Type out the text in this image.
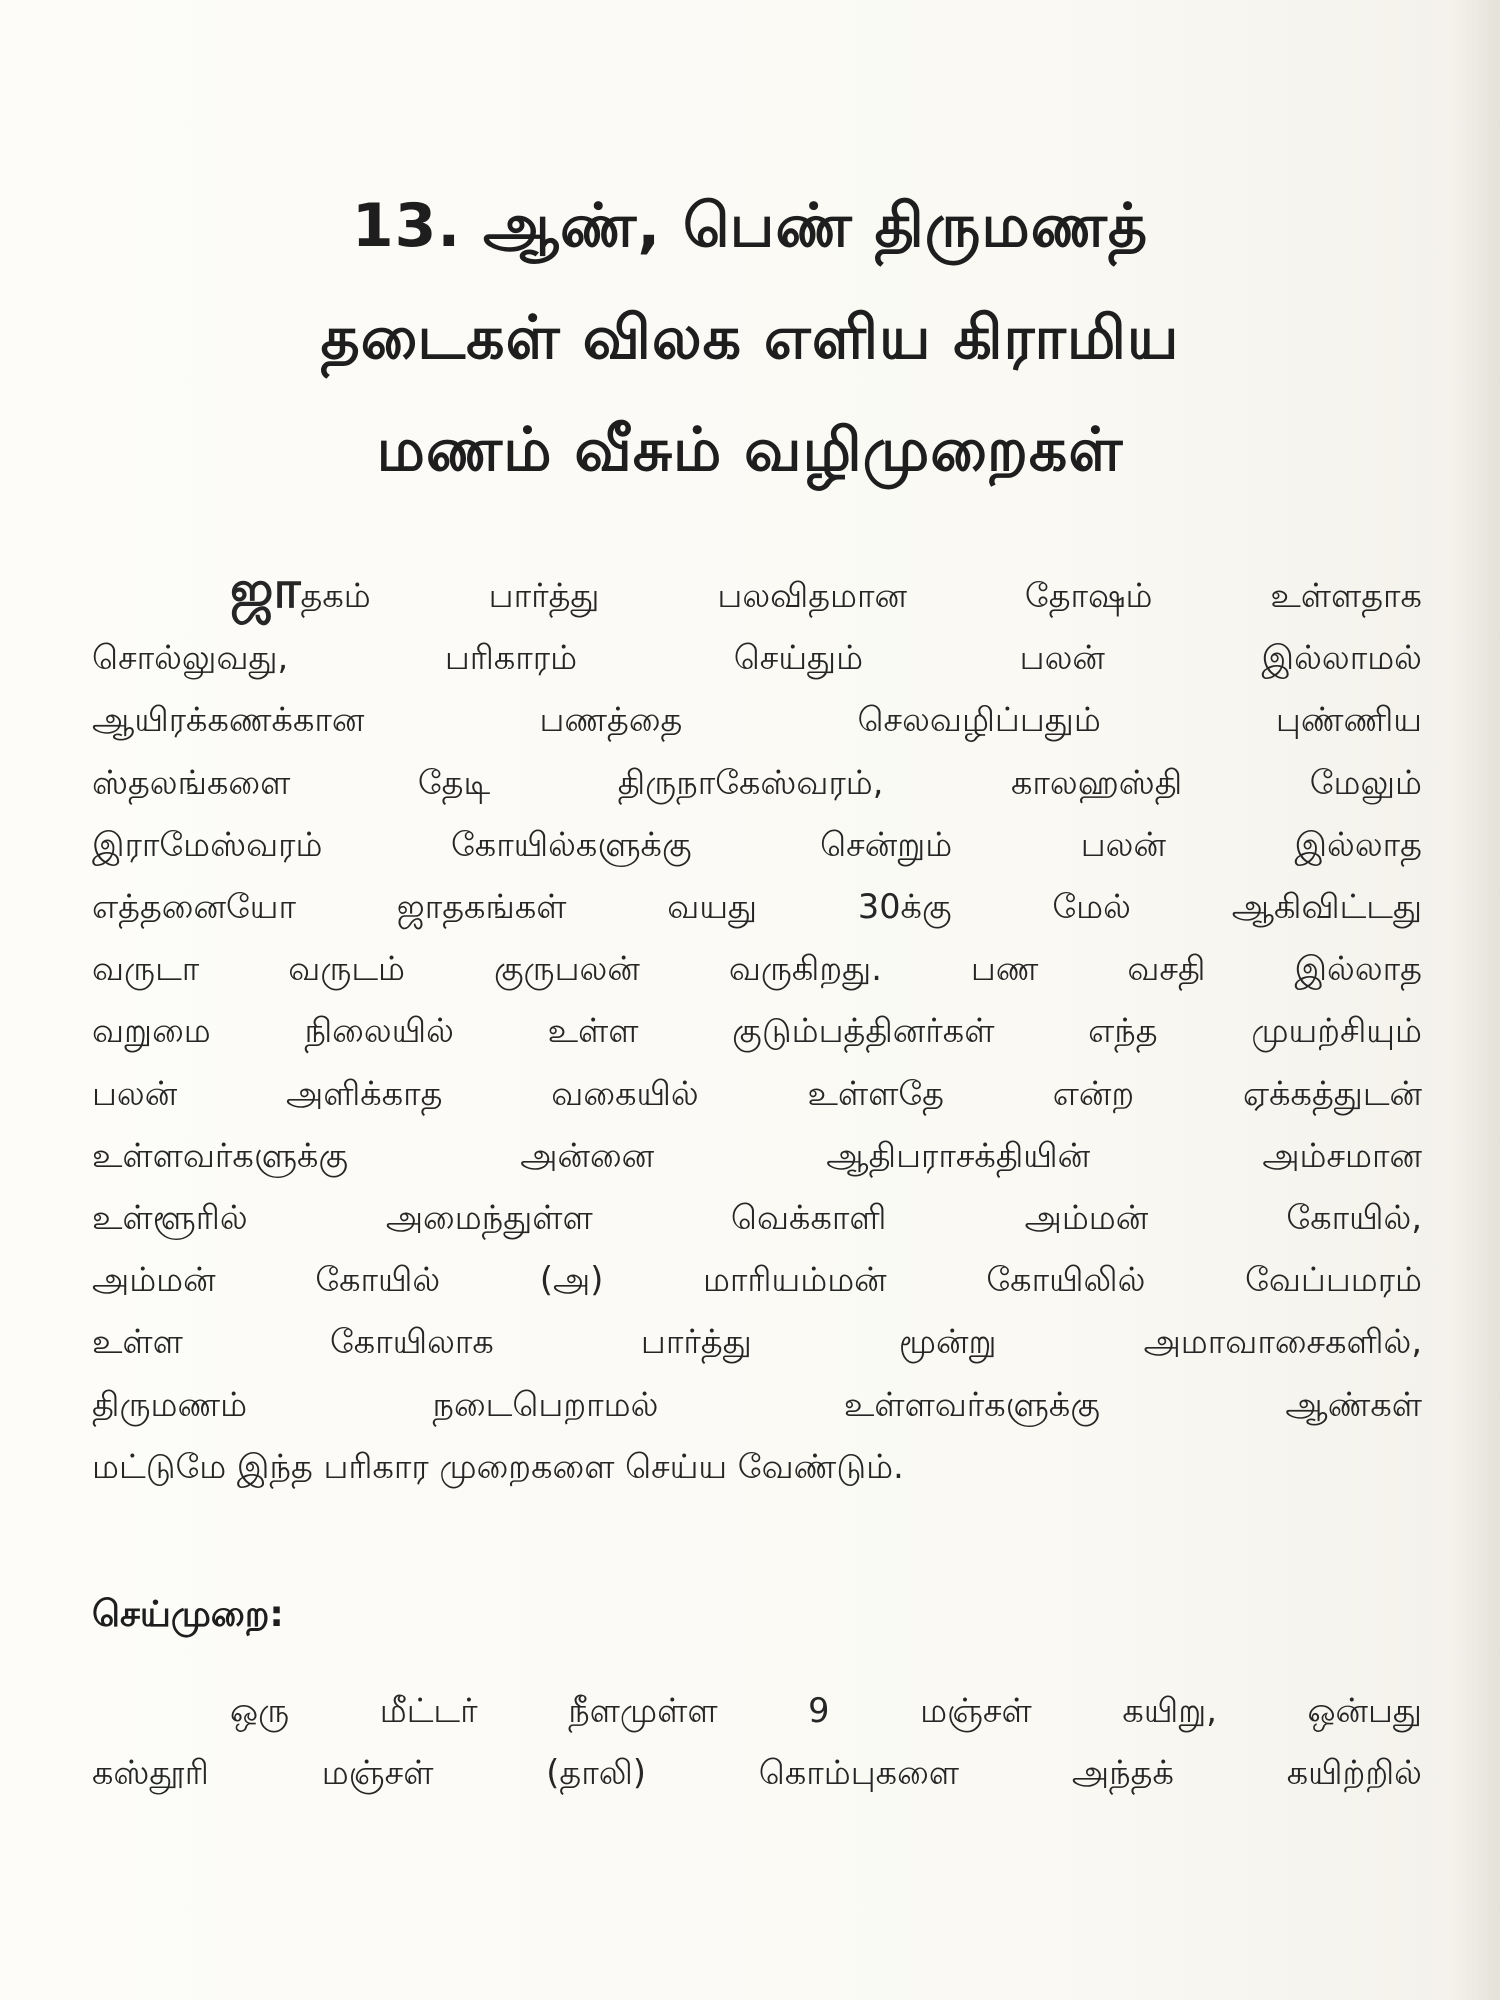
13. ஆண், பெண் திருமணத்
தடைகள் விலக எளிய கிராமிய
மணம் வீசும் வழிமுறைகள்
ஜாதகம் பார்த்து பலவிதமான தோஷம் உள்ளதாக
சொல்லுவது, பரிகாரம் செய்தும் பலன் இல்லாமல்
ஆயிரக்கணக்கான பணத்தை செலவழிப்பதும் புண்ணிய
ஸ்தலங்களை தேடி திருநாகேஸ்வரம், காலஹஸ்தி மேலும்
இராமேஸ்வரம் கோயில்களுக்கு சென்றும் பலன் இல்லாத
எத்தனையோ ஜாதகங்கள் வயது 30க்கு மேல் ஆகிவிட்டது
வருடா வருடம் குருபலன் வருகிறது. பண வசதி இல்லாத
வறுமை நிலையில் உள்ள குடும்பத்தினர்கள் எந்த முயற்சியும்
பலன் அளிக்காத வகையில் உள்ளதே என்ற ஏக்கத்துடன்
உள்ளவர்களுக்கு அன்னை ஆதிபராசக்தியின் அம்சமான
உள்ளூரில் அமைந்துள்ள வெக்காளி அம்மன் கோயில்,
அம்மன் கோயில் (அ) மாரியம்மன் கோயிலில் வேப்பமரம்
உள்ள கோயிலாக பார்த்து மூன்று அமாவாசைகளில்,
திருமணம் நடைபெறாமல் உள்ளவர்களுக்கு ஆண்கள்
மட்டுமே இந்த பரிகார முறைகளை செய்ய வேண்டும்.
செய்முறை:
ஒரு மீட்டர் நீளமுள்ள 9 மஞ்சள் கயிறு, ஒன்பது
கஸ்தூரி மஞ்சள் (தாலி) கொம்புகளை அந்தக் கயிற்றில்
